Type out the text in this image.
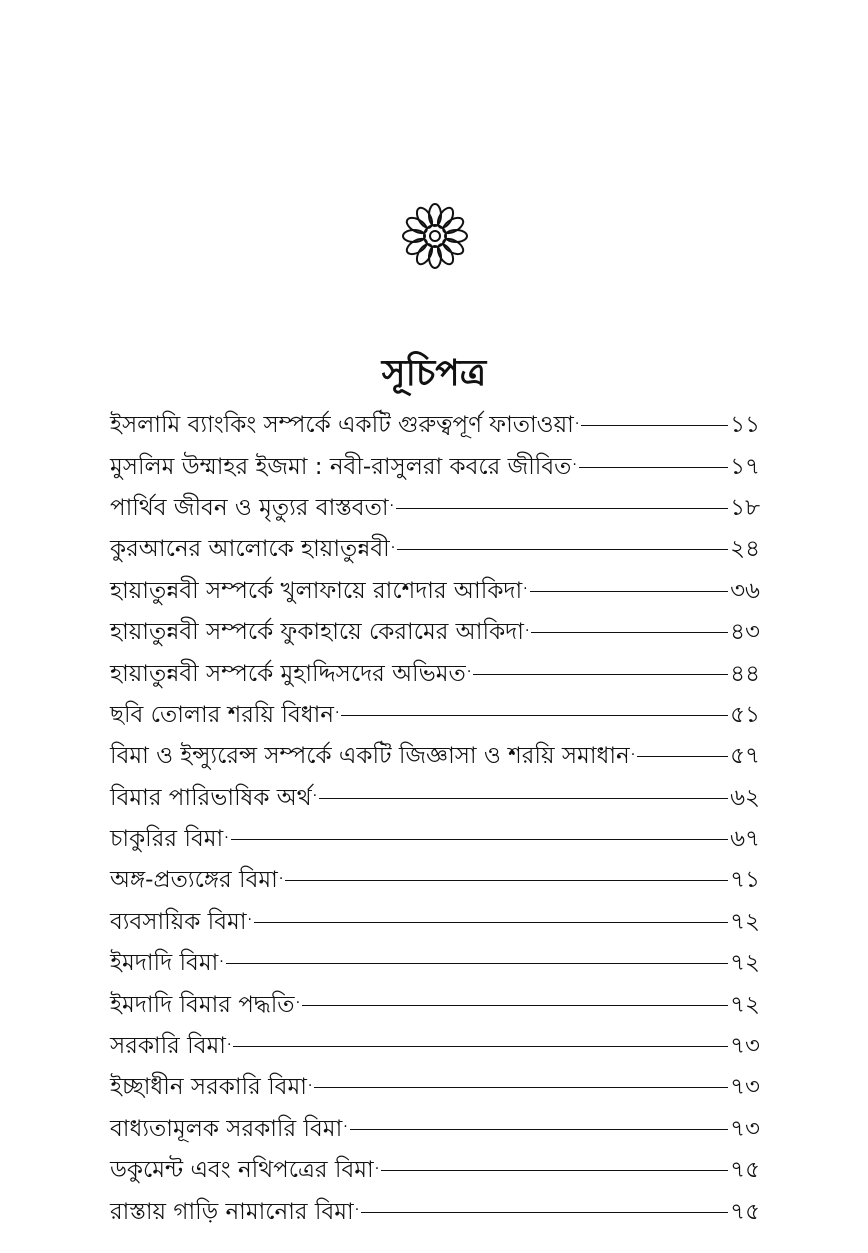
সূচিপত্র
ইসলামি ব্যাংকিং সম্পর্কে একটি গুরুত্বপূর্ণ ফাতাওয়া ·	১১
মুসলিম উম্মাহর ইজমা : নবী-রাসুলরা কবরে জীবিত ·	১৭
পার্থিব জীবন ও মৃত্যুর বাস্তবতা ·	১৮
কুরআনের আলোকে হায়াতুন্নবী ·	২৪
হায়াতুন্নবী সম্পর্কে খুলাফায়ে রাশেদার আকিদা ·	৩৬
হায়াতুন্নবী সম্পর্কে ফুকাহায়ে কেরামের আকিদা ·	৪৩
হায়াতুন্নবী সম্পর্কে মুহাদ্দিসদের অভিমত ·	৪৪
ছবি তোলার শরয়ি বিধান ·	৫১
বিমা ও ইন্স্যুরেন্স সম্পর্কে একটি জিজ্ঞাসা ও শরয়ি সমাধান ·	৫৭
বিমার পারিভাষিক অর্থ ·	৬২
চাকুরির বিমা ·	৬৭
অঙ্গ-প্রত্যঙ্গের বিমা ·	৭১
ব্যবসায়িক বিমা ·	৭২
ইমদাদি বিমা ·	৭২
ইমদাদি বিমার পদ্ধতি ·	৭২
সরকারি বিমা ·	৭৩
ইচ্ছাধীন সরকারি বিমা ·	৭৩
বাধ্যতামূলক সরকারি বিমা ·	৭৩
ডকুমেন্ট এবং নথিপত্রের বিমা ·	৭৫
রাস্তায় গাড়ি নামানোর বিমা ·	৭৫
